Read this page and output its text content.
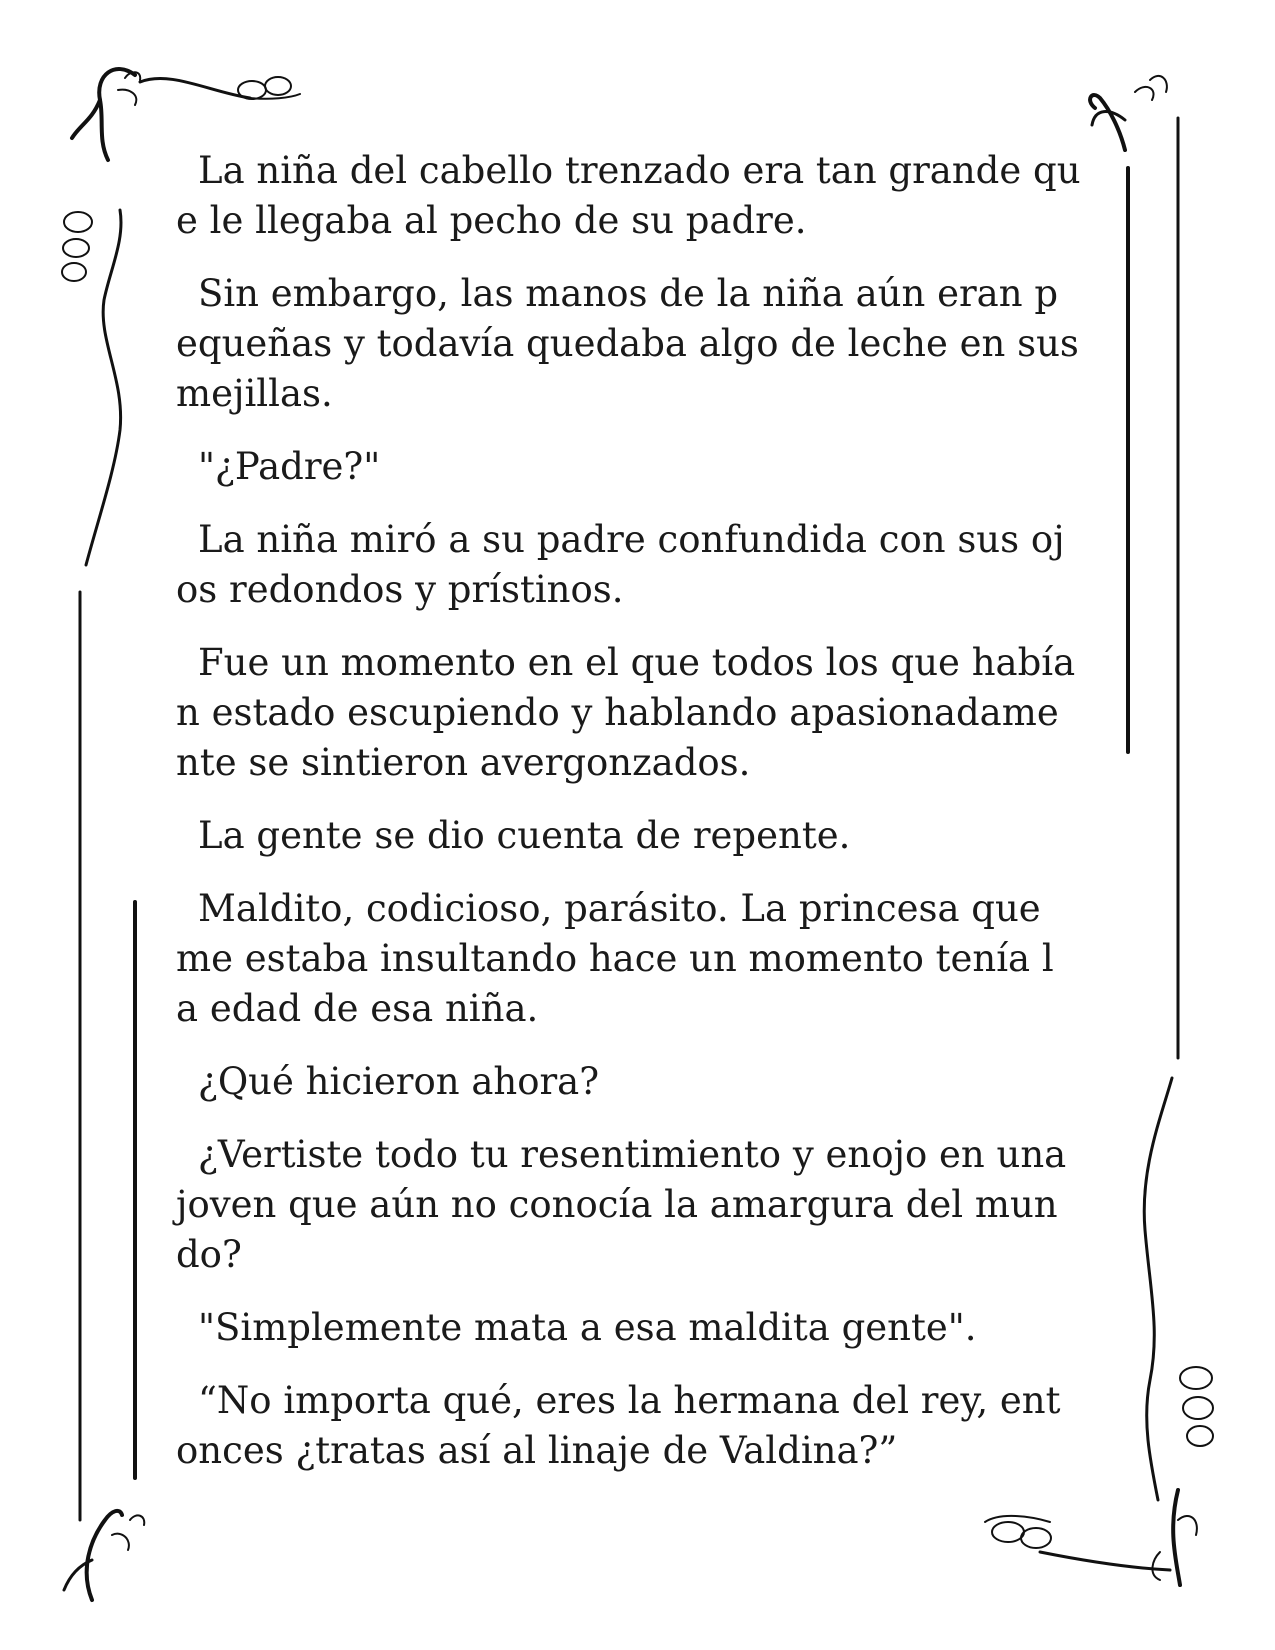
La niña del cabello trenzado era tan grande qu
e le llegaba al pecho de su padre.

Sin embargo, las manos de la niña aún eran p
equeñas y todavía quedaba algo de leche en sus
mejillas.

"¿Padre?"

La niña miró a su padre confundida con sus oj
os redondos y prístinos.

Fue un momento en el que todos los que había
n estado escupiendo y hablando apasionadame
nte se sintieron avergonzados.

La gente se dio cuenta de repente.

Maldito, codicioso, parásito. La princesa que
me estaba insultando hace un momento tenía l
a edad de esa niña.

¿Qué hicieron ahora?

¿Vertiste todo tu resentimiento y enojo en una
joven que aún no conocía la amargura del mun
do?

"Simplemente mata a esa maldita gente".

“No importa qué, eres la hermana del rey, ent
onces ¿tratas así al linaje de Valdina?”
